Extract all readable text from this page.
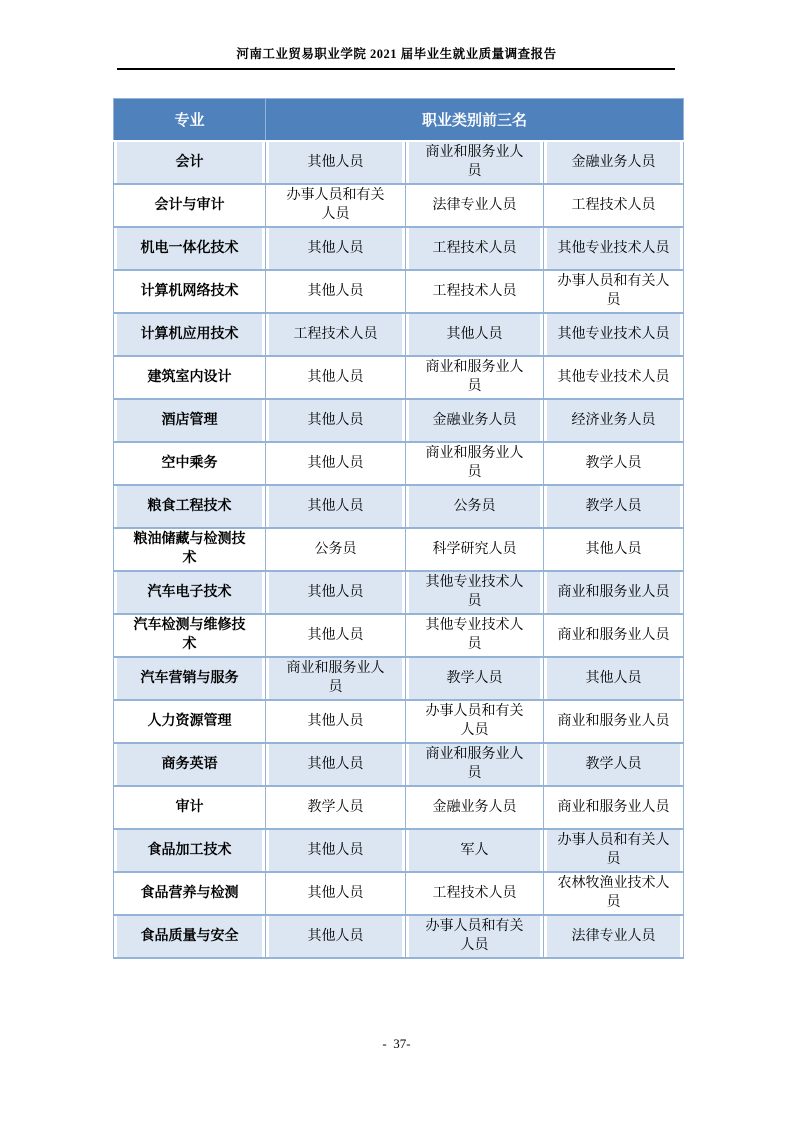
河南工业贸易职业学院 2021 届毕业生就业质量调查报告
专业	职业类别前三名		
会计	其他人员	商业和服务业人员	金融业务人员
会计与审计	办事人员和有关人员	法律专业人员	工程技术人员
机电一体化技术	其他人员	工程技术人员	其他专业技术人员
计算机网络技术	其他人员	工程技术人员	办事人员和有关人员
计算机应用技术	工程技术人员	其他人员	其他专业技术人员
建筑室内设计	其他人员	商业和服务业人员	其他专业技术人员
酒店管理	其他人员	金融业务人员	经济业务人员
空中乘务	其他人员	商业和服务业人员	教学人员
粮食工程技术	其他人员	公务员	教学人员
粮油储藏与检测技术	公务员	科学研究人员	其他人员
汽车电子技术	其他人员	其他专业技术人员	商业和服务业人员
汽车检测与维修技术	其他人员	其他专业技术人员	商业和服务业人员
汽车营销与服务	商业和服务业人员	教学人员	其他人员
人力资源管理	其他人员	办事人员和有关人员	商业和服务业人员
商务英语	其他人员	商业和服务业人员	教学人员
审计	教学人员	金融业务人员	商业和服务业人员
食品加工技术	其他人员	军人	办事人员和有关人员
食品营养与检测	其他人员	工程技术人员	农林牧渔业技术人员
食品质量与安全	其他人员	办事人员和有关人员	法律专业人员
-  37-
